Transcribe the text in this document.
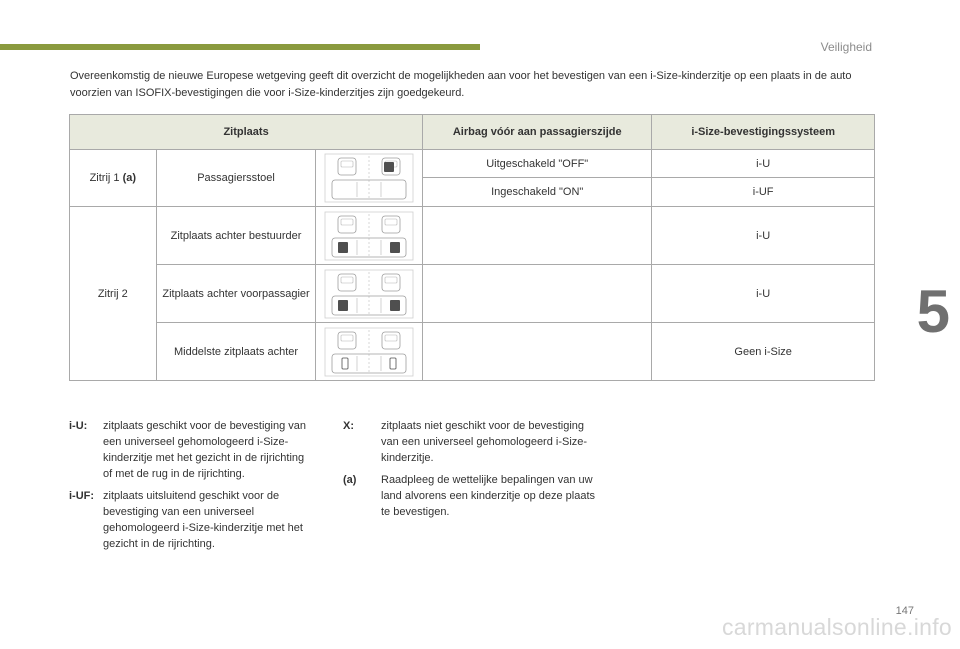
Veiligheid
5

Overeenkomstig de nieuwe Europese wetgeving geeft dit overzicht de mogelijkheden aan voor het bevestigen van een i-Size-kinderzitje op een plaats in de auto voorzien van ISOFIX-bevestigingen die voor i-Size-kinderzitjes zijn goedgekeurd.

Zitplaats			Airbag vóór aan passagierszijde	i-Size-bevestigingssysteem
Zitrij 1 (a)	Passagiersstoel		Uitgeschakeld "OFF"	i-U
			Ingeschakeld "ON"	i-UF
Zitrij 2	Zitplaats achter bestuurder			i-U
	Zitplaats achter voorpassagier			i-U
	Middelste zitplaats achter			Geen i-Size
i-U:	zitplaats geschikt voor de bevestiging van een universeel gehomologeerd i-Size-kinderzitje met het gezicht in de rijrichting of met de rug in de rijrichting.
i-UF: zitplaats uitsluitend geschikt voor de bevestiging van een universeel gehomologeerd i-Size-kinderzitje met het gezicht in de rijrichting.
X:	zitplaats niet geschikt voor de bevestiging van een universeel gehomologeerd i-Size-kinderzitje.
(a)	Raadpleeg de wettelijke bepalingen van uw land alvorens een kinderzitje op deze plaats te bevestigen.
147
carmanualsonline.info
